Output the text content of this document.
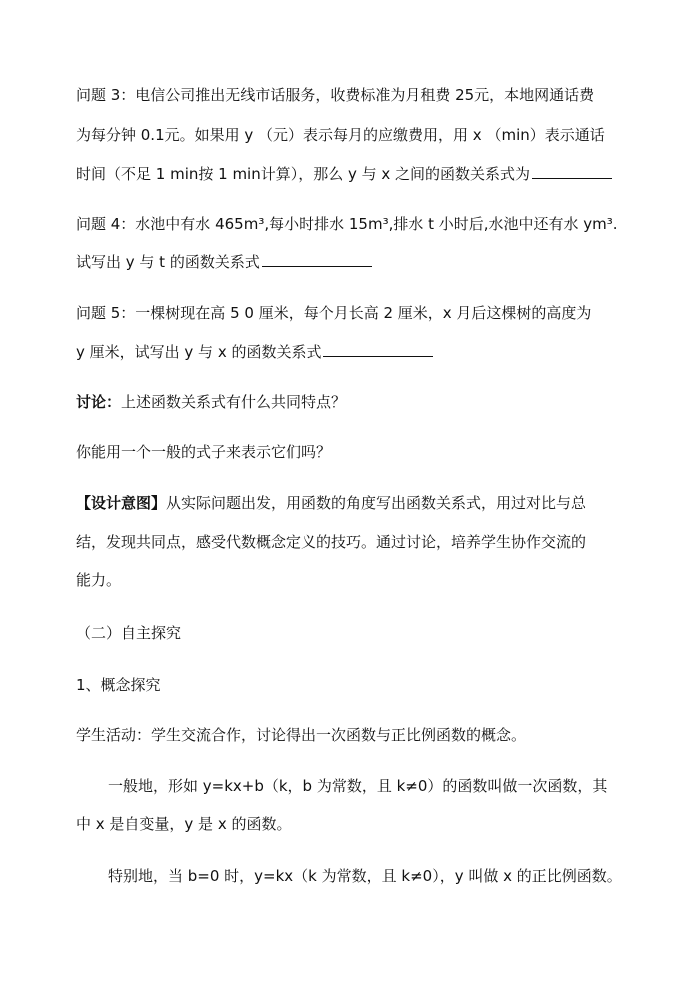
问题 3：电信公司推出无线市话服务，收费标准为月租费 25元，本地网通话费
为每分钟 0.1元。如果用 y （元）表示每月的应缴费用，用 x （min）表示通话
时间（不足 1 min按 1 min计算），那么 y 与 x 之间的函数关系式为
问题 4：水池中有水 465m³,每小时排水 15m³,排水 t 小时后,水池中还有水 ym³.
试写出 y 与 t 的函数关系式
问题 5：一棵树现在高 5 0 厘米，每个月长高 2 厘米，x 月后这棵树的高度为
y 厘米，试写出 y 与 x 的函数关系式
讨论：上述函数关系式有什么共同特点？
你能用一个一般的式子来表示它们吗？
【设计意图】从实际问题出发，用函数的角度写出函数关系式，用过对比与总
结，发现共同点，感受代数概念定义的技巧。通过讨论，培养学生协作交流的
能力。
（二）自主探究
1、概念探究
学生活动：学生交流合作，讨论得出一次函数与正比例函数的概念。
一般地，形如 y=kx+b（k，b 为常数，且 k≠0）的函数叫做一次函数，其
中 x 是自变量，y 是 x 的函数。
特别地，当 b=0 时，y=kx（k 为常数，且 k≠0），y 叫做 x 的正比例函数。
